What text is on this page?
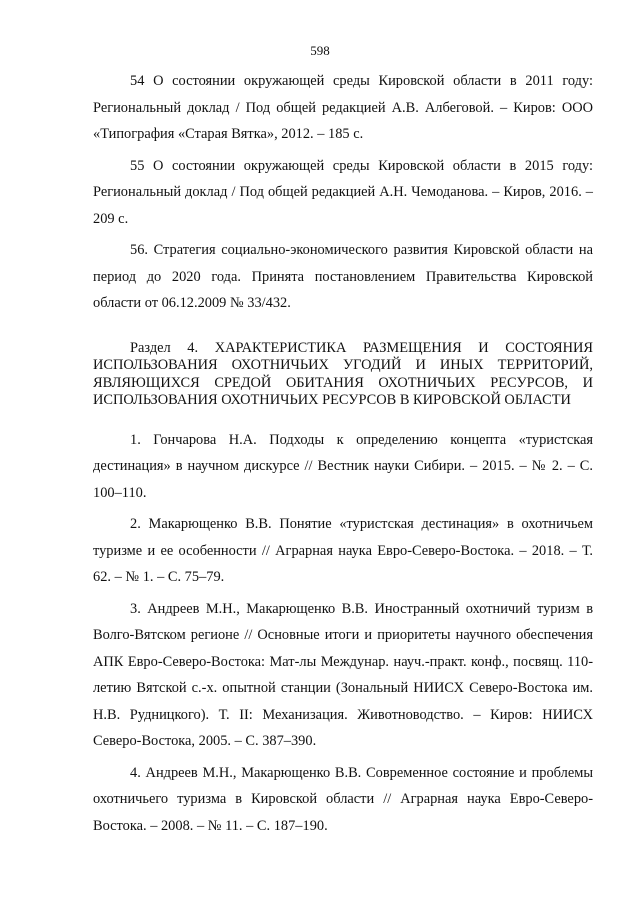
598

54 О состоянии окружающей среды Кировской области в 2011 году: Региональный доклад / Под общей редакцией А.В. Албеговой. – Киров: ООО «Типография «Старая Вятка», 2012. – 185 с.

55 О состоянии окружающей среды Кировской области в 2015 году: Региональный доклад / Под общей редакцией А.Н. Чемоданова. – Киров, 2016. – 209 с.

56. Стратегия социально-экономического развития Кировской области на период до 2020 года. Принята постановлением Правительства Кировской области от 06.12.2009 № 33/432.

Раздел 4. ХАРАКТЕРИСТИКА РАЗМЕЩЕНИЯ И СОСТОЯНИЯ ИСПОЛЬЗОВАНИЯ ОХОТНИЧЬИХ УГОДИЙ И ИНЫХ ТЕРРИТОРИЙ, ЯВЛЯЮЩИХСЯ СРЕДОЙ ОБИТАНИЯ ОХОТНИЧЬИХ РЕСУРСОВ, И ИСПОЛЬЗОВАНИЯ ОХОТНИЧЬИХ РЕСУРСОВ В КИРОВСКОЙ ОБЛАСТИ

1. Гончарова Н.А. Подходы к определению концепта «туристская дестинация» в научном дискурсе // Вестник науки Сибири. – 2015. – № 2. – С. 100–110.

2. Макарющенко В.В. Понятие «туристская дестинация» в охотничьем туризме и ее особенности // Аграрная наука Евро-Северо-Востока. – 2018. – Т. 62. – № 1. – С. 75–79.

3. Андреев М.Н., Макарющенко В.В. Иностранный охотничий туризм в Волго-Вятском регионе // Основные итоги и приоритеты научного обеспечения АПК Евро-Северо-Востока: Мат-лы Междунар. науч.-практ. конф., посвящ. 110-летию Вятской с.-х. опытной станции (Зональный НИИСХ Северо-Востока им. Н.В. Рудницкого). Т. II: Механизация. Животноводство. – Киров: НИИСХ Северо-Востока, 2005. – С. 387–390.

4. Андреев М.Н., Макарющенко В.В. Современное состояние и проблемы охотничьего туризма в Кировской области // Аграрная наука Евро-Северо-Востока. – 2008. – № 11. – С. 187–190.
